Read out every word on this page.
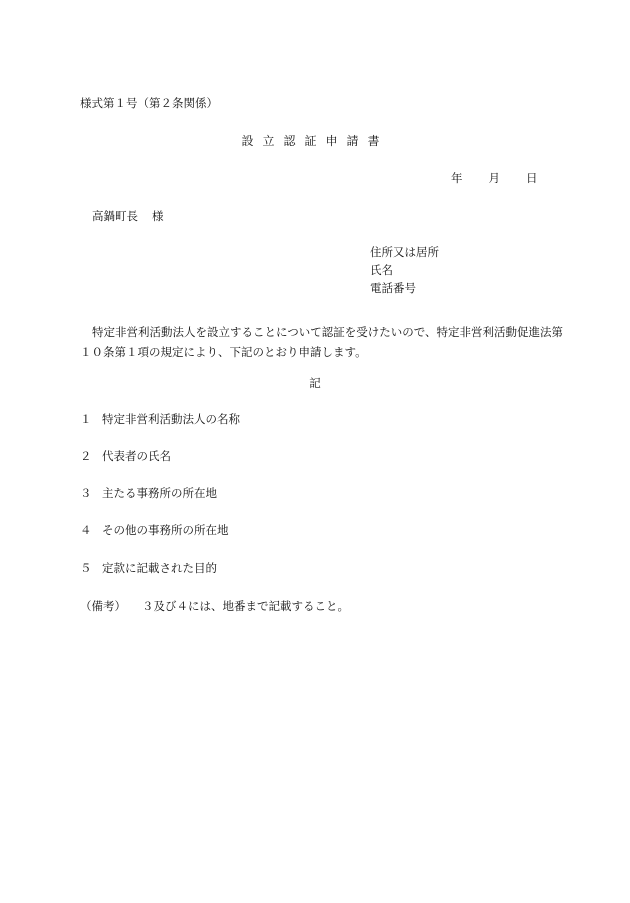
様式第１号（第２条関係）
設立認証申請書
年 月 日
高鍋町長 様
住所又は居所
氏名
電話番号
特定非営利活動法人を設立することについて認証を受けたいので、特定非営利活動促進法第１０条第１項の規定により、下記のとおり申請します。
記
１ 特定非営利活動法人の名称
２ 代表者の氏名
３ 主たる事務所の所在地
４ その他の事務所の所在地
５ 定款に記載された目的
（備考） ３及び４には、地番まで記載すること。
